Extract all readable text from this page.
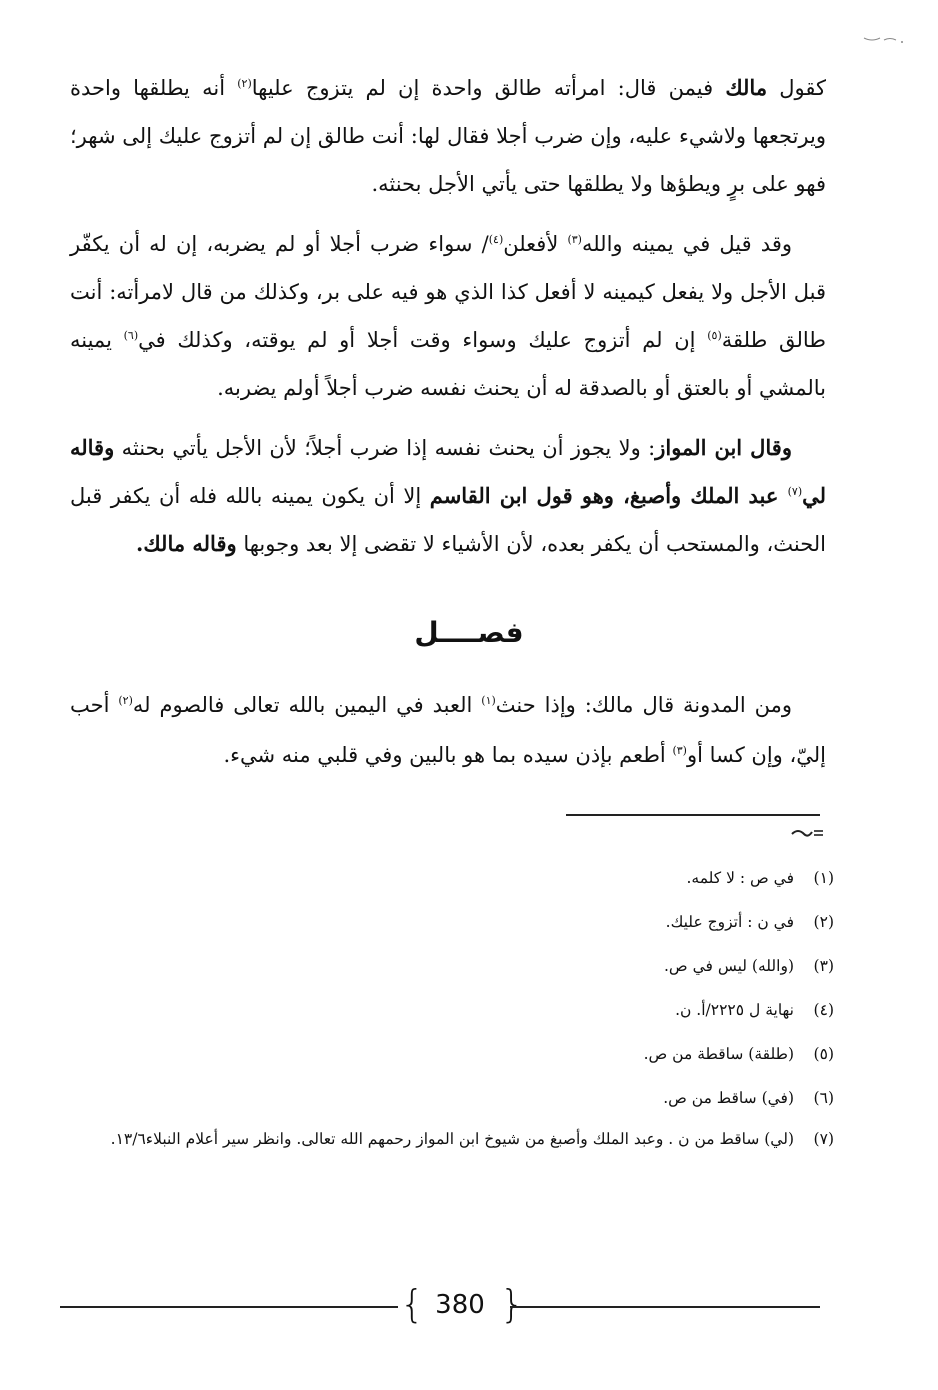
كقول مالك فيمن قال: امرأته طالق واحدة إن لم يتزوج عليها$^{(٢)}$ أنه يطلقها واحدة ويرتجعها ولاشيء عليه، وإن ضرب أجلا فقال لها: أنت طالق إن لم أتزوج عليك إلى شهر؛ فهو على برٍ ويطؤها ولا يطلقها حتى يأتي الأجل بحنثه.

وقد قيل في يمينه والله$^{(٣)}$ لأفعلن$^{(٤)}$/ سواء ضرب أجلا أو لم يضربه، إن له أن يكفّر قبل الأجل ولا يفعل كيمينه لا أفعل كذا الذي هو فيه على بر، وكذلك من قال لامرأته: أنت طالق طلقة$^{(٥)}$ إن لم أتزوج عليك وسواء وقت أجلا أو لم يوقته، وكذلك في$^{(٦)}$ يمينه بالمشي أو بالعتق أو بالصدقة له أن يحنث نفسه ضرب أجلاً أولم يضربه.

وقال ابن المواز: ولا يجوز أن يحنث نفسه إذا ضرب أجلاً؛ لأن الأجل يأتي بحنثه وقاله لي$^{(٧)}$ عبد الملك وأصبغ، وهو قول ابن القاسم إلا أن يكون يمينه بالله فله أن يكفر قبل الحنث، والمستحب أن يكفر بعده، لأن الأشياء لا تقضى إلا بعد وجوبها وقاله مالك.

فصــــل

ومن المدونة قال مالك: وإذا حنث$^{(١)}$ العبد في اليمين بالله تعالى فالصوم له$^{(٢)}$ أحب إليّ، وإن كسا أو$^{(٣)}$ أطعم بإذن سيده بما هو بالبين وفي قلبي منه شيء.

(١)
في ص : لا كلمه.
(٢)
في ن : أتزوج عليك.
(٣)
(والله) ليس في ص.
(٤)
نهاية ل ٢٢٢٥/أ. ن.
(٥)
(طلقة) ساقطة من ص.
(٦)
(في) ساقط من ص.
(٧)
(لي) ساقط من ن . وعبد الملك وأصبغ من شيوخ ابن المواز رحمهم الله تعالى. وانظر سير أعلام النبلاء١٣/٦.
{ 380 }
